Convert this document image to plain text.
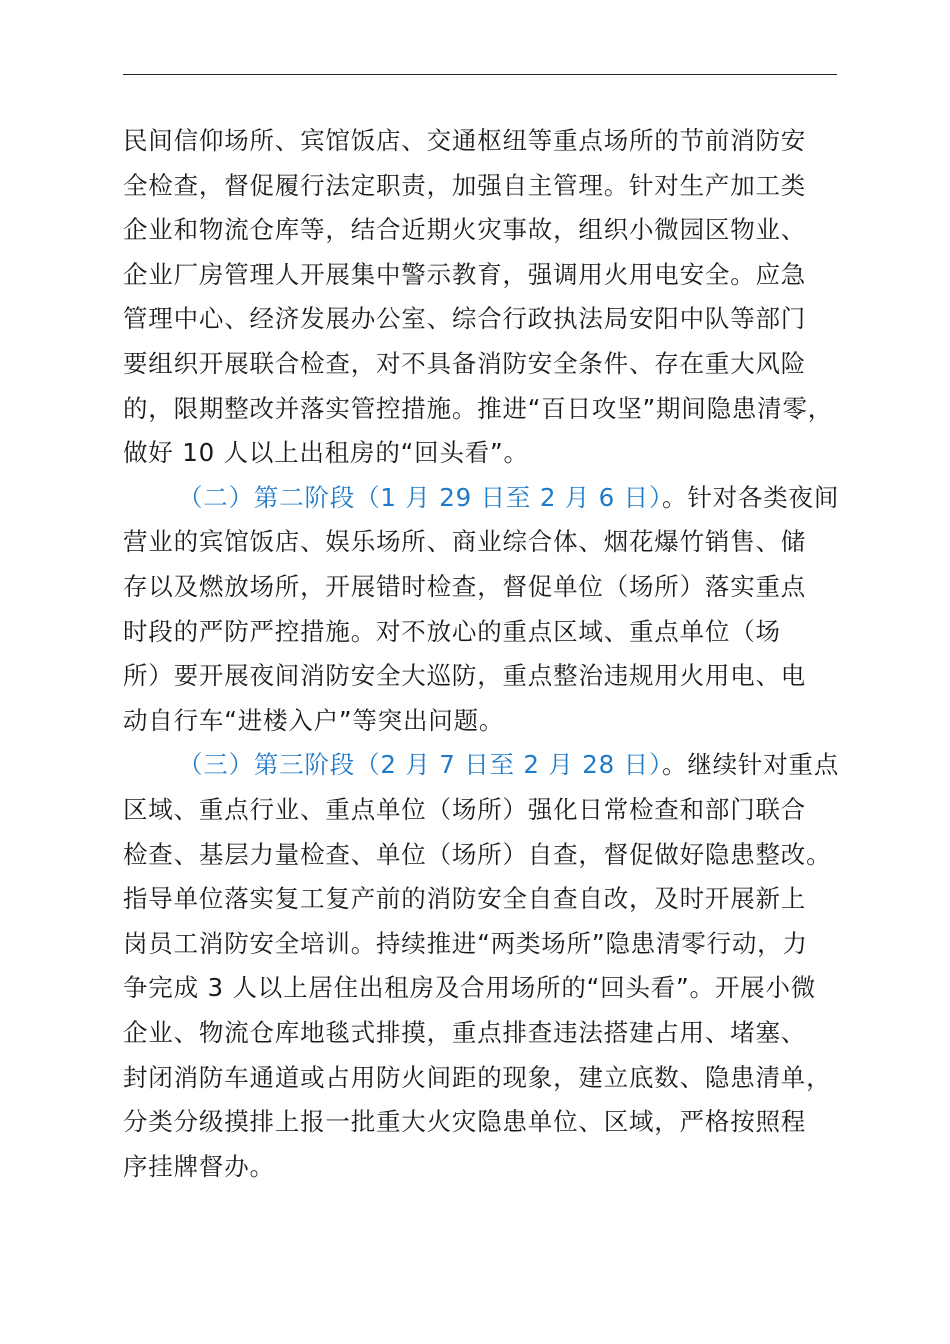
民间信仰场所、宾馆饭店、交通枢纽等重点场所的节前消防安
全检查，督促履行法定职责，加强自主管理。针对生产加工类
企业和物流仓库等，结合近期火灾事故，组织小微园区物业、
企业厂房管理人开展集中警示教育，强调用火用电安全。应急
管理中心、经济发展办公室、综合行政执法局安阳中队等部门
要组织开展联合检查，对不具备消防安全条件、存在重大风险
的，限期整改并落实管控措施。推进“百日攻坚”期间隐患清零，
做好 10 人以上出租房的“回头看”。
（二）第二阶段（1 月 29 日至 2 月 6 日）。针对各类夜间
营业的宾馆饭店、娱乐场所、商业综合体、烟花爆竹销售、储
存以及燃放场所，开展错时检查，督促单位（场所）落实重点
时段的严防严控措施。对不放心的重点区域、重点单位（场
所）要开展夜间消防安全大巡防，重点整治违规用火用电、电
动自行车“进楼入户”等突出问题。
（三）第三阶段（2 月 7 日至 2 月 28 日）。继续针对重点
区域、重点行业、重点单位（场所）强化日常检查和部门联合
检查、基层力量检查、单位（场所）自查，督促做好隐患整改。
指导单位落实复工复产前的消防安全自查自改，及时开展新上
岗员工消防安全培训。持续推进“两类场所”隐患清零行动，力
争完成 3 人以上居住出租房及合用场所的“回头看”。开展小微
企业、物流仓库地毯式排摸，重点排查违法搭建占用、堵塞、
封闭消防车通道或占用防火间距的现象，建立底数、隐患清单，
分类分级摸排上报一批重大火灾隐患单位、区域，严格按照程
序挂牌督办。
